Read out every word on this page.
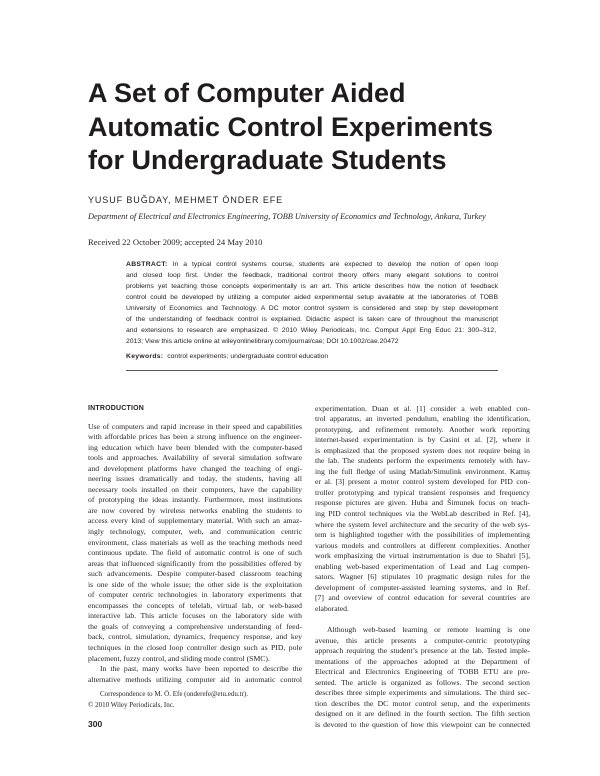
A Set of Computer Aided
Automatic Control Experiments
for Undergraduate Students
YUSUF BUĞDAY, MEHMET ÖNDER EFE
Department of Electrical and Electronics Engineering, TOBB University of Economics and Technology, Ankara, Turkey
Received 22 October 2009; accepted 24 May 2010
ABSTRACT: In a typical control systems course, students are expected to develop the notion of open loop
and closed loop first. Under the feedback, traditional control theory offers many elegant solutions to control
problems yet teaching those concepts experimentally is an art. This article describes how the notion of feedback
control could be developed by utilizing a computer aided experimental setup available at the laboratories of TOBB
University of Economics and Technology. A DC motor control system is considered and step by step development
of the understanding of feedback control is explained. Didactic aspect is taken care of throughout the manuscript
and extensions to research are emphasized. © 2010 Wiley Periodicals, Inc. Comput Appl Eng Educ 21: 300–312,
2013; View this article online at wileyonlinelibrary.com/journal/cae; DOI 10.1002/cae.20472
Keywords: control experiments; undergraduate control education
INTRODUCTION
Use of computers and rapid increase in their speed and capabilities
with affordable prices has been a strong influence on the engineer-
ing education which have been blended with the computer-based
tools and approaches. Availability of several simulation software
and development platforms have changed the teaching of engi-
neering issues dramatically and today, the students, having all
necessary tools installed on their computers, have the capability
of prototyping the ideas instantly. Furthermore, most institutions
are now covered by wireless networks enabling the students to
access every kind of supplementary material. With such an amaz-
ingly technology, computer, web, and communication centric
environment, class materials as well as the teaching methods need
continuous update. The field of automatic control is one of such
areas that influenced significantly from the possibilities offered by
such advancements. Despite computer-based classroom teaching
is one side of the whole issue; the other side is the exploitation
of computer centric technologies in laboratory experiments that
encompasses the concepts of telelab, virtual lab, or web-based
interactive lab. This article focuses on the laboratory side with
the goals of conveying a comprehensive understanding of feed-
back, control, simulation, dynamics, frequency response, and key
techniques in the closed loop controller design such as PID, pole
placement, fuzzy control, and sliding mode control (SMC).
In the past, many works have been reported to describe the
alternative methods utilizing computer aid in automatic control
experimentation. Duan et al. [1] consider a web enabled con-
trol apparatus, an inverted pendulum, enabling the identification,
prototyping, and refinement remotely. Another work reporting
internet-based experimentation is by Casini et al. [2], where it
is emphasized that the proposed system does not require being in
the lab. The students perform the experiments remotely with hav-
ing the full fledge of using Matlab/Simulink environment. Kamış
er al. [3] present a motor control system developed for PID con-
troller prototyping and typical transient responses and frequency
response pictures are given. Huba and Šimunek focus on teach-
ing PID control techniques via the WebLab described in Ref. [4],
where the system level architecture and the security of the web sys-
tem is highlighted together with the possibilities of implementing
various models and controllers at different complexities. Another
work emphasizing the virtual instrumentation is due to Shahri [5],
enabling web-based experimentation of Lead and Lag compen-
sators. Wagner [6] stipulates 10 pragmatic design rules for the
development of computer-assisted learning systems, and in Ref.
[7] and overview of control education for several countries are
elaborated.
Although web-based learning or remote learning is one
avenue, this article presents a computer-centric prototyping
approach requiring the student’s presence at the lab. Tested imple-
mentations of the approaches adopted at the Department of
Electrical and Electronics Engineering of TOBB ETU are pre-
sented. The article is organized as follows. The second section
describes three simple experiments and simulations. The third sec-
tion describes the DC motor control setup, and the experiments
designed on it are defined in the fourth section. The fifth section
is devoted to the question of how this viewpoint can be connected
Correspondence to M. Ö. Efe (onderefe@etu.edu.tr).
© 2010 Wiley Periodicals, Inc.
300
